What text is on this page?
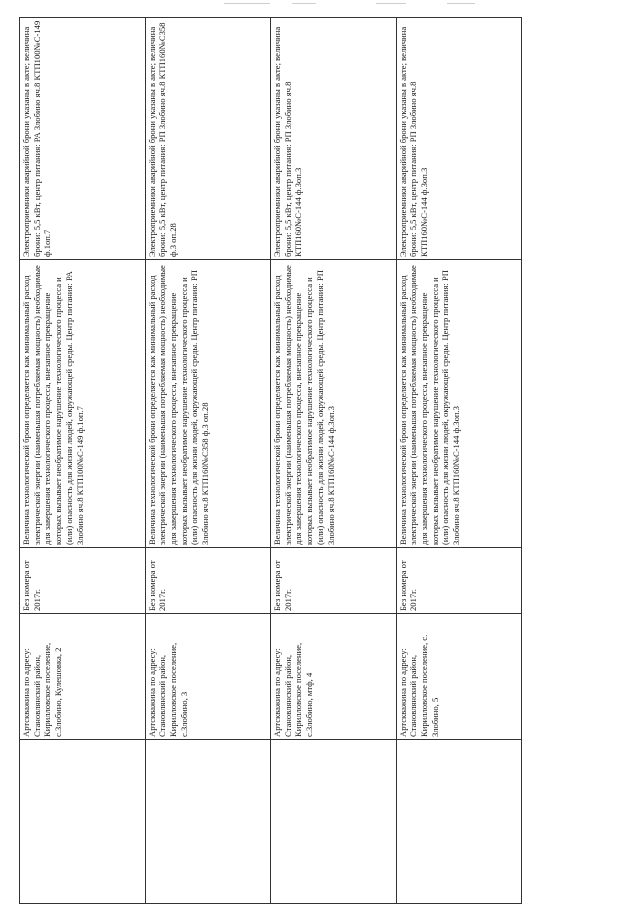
	Артскважина по адресу: Становлянский район, Кирилловское поселение, с.Злобино, Кулешовка, 2	Без номера от 2017г.	Величина технологической брони определяется как минимальный расход электрической энергии (наименьшая потребляемая мощность) необходимые для завершения технологического процесса, внезапное прекращение которых вызывает необратимое нарушение технологического процесса и (или) опасность для жизни людей, окружающей среды. Центр питания: РА Злобино яч.8 КТП100№С-149 ф.1оп.7	Электроприемники аварийной брони указаны в акте; величина брони: 5,5 кВт, центр питания: РА Злобино яч.8 КТП100№С-149 ф.1оп.7
	Артскважина по адресу: Становлянский район, Кирилловское поселение, с.Злобино, 3	Без номера от 2017г.	Величина технологической брони определяется как минимальный расход электрической энергии (наименьшая потребляемая мощность) необходимые для завершения технологического процесса, внезапное прекращение которых вызывает необратимое нарушение технологического процесса и (или) опасность для жизни людей, окружающей среды. Центр питания: РП Злобино яч.8 КТП160№С358 ф.3 оп.28	Электроприемники аварийной брони указаны в акте; величина брони: 5,5 кВт, центр питания: РП Злобино яч.8 КТП160№С358 ф.3 оп.28
	Артскважина по адресу: Становлянский район, Кирилловское поселение, с.Злобино, мтф, 4	Без номера от 2017г.	Величина технологической брони определяется как минимальный расход электрической энергии (наименьшая потребляемая мощность) необходимые для завершения технологического процесса, внезапное прекращение которых вызывает необратимое нарушение технологического процесса и (или) опасность для жизни людей, окружающей среды. Центр питания: РП Злобино яч.8 КТП160№С-144 ф.3оп.3	Электроприемники аварийной брони указаны в акте; величина брони: 5,5 кВт, центр питания: РП Злобино яч.8 КТП160№С-144 ф.3оп.3
	Артскважина по адресу: Становлянский район, Кирилловское поселение, с. Злобино, 5	Без номера от 2017г.	Величина технологической брони определяется как минимальный расход электрической энергии (наименьшая потребляемая мощность) необходимые для завершения технологического процесса, внезапное прекращение которых вызывает необратимое нарушение технологического процесса и (или) опасность для жизни людей, окружающей среды. Центр питания: РП Злобино яч.8 КТП160№С-144 ф.3оп.3	Электроприемники аварийной брони указаны в акте; величина брони: 5,5 кВт, центр питания: РП Злобино яч.8 КТП160№С-144 ф.3оп.3
